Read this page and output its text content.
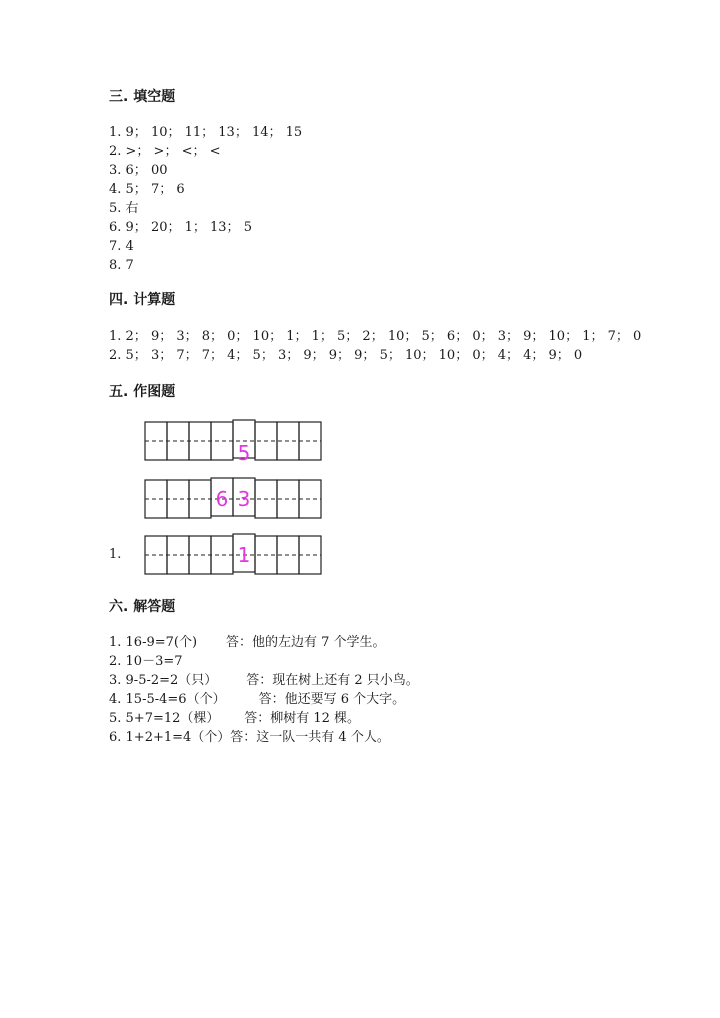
三. 填空题
1. 9； 10； 11； 13； 14； 15
2. >； >； <； <
3. 6； 00
4. 5； 7； 6
5. 右
6. 9； 20； 1； 13； 5
7. 4
8. 7
四. 计算题
1. 2； 9； 3； 8； 0； 10； 1； 1； 5； 2； 10； 5； 6； 0； 3； 9； 10； 1； 7； 0
2. 5； 3； 7； 7； 4； 5； 3； 9； 9； 9； 5； 10； 10； 0； 4； 4； 9； 0
五. 作图题
5
6 3
1
1.
六. 解答题
1. 16-9=7(个)       答：他的左边有 7 个学生。
2. 10－3=7
3. 9-5-2=2（只）       答：现在树上还有 2 只小鸟。
4. 15-5-4=6（个）        答：他还要写 6 个大字。
5. 5+7=12（棵）      答：柳树有 12 棵。
6. 1+2+1=4（个）答：这一队一共有 4 个人。
